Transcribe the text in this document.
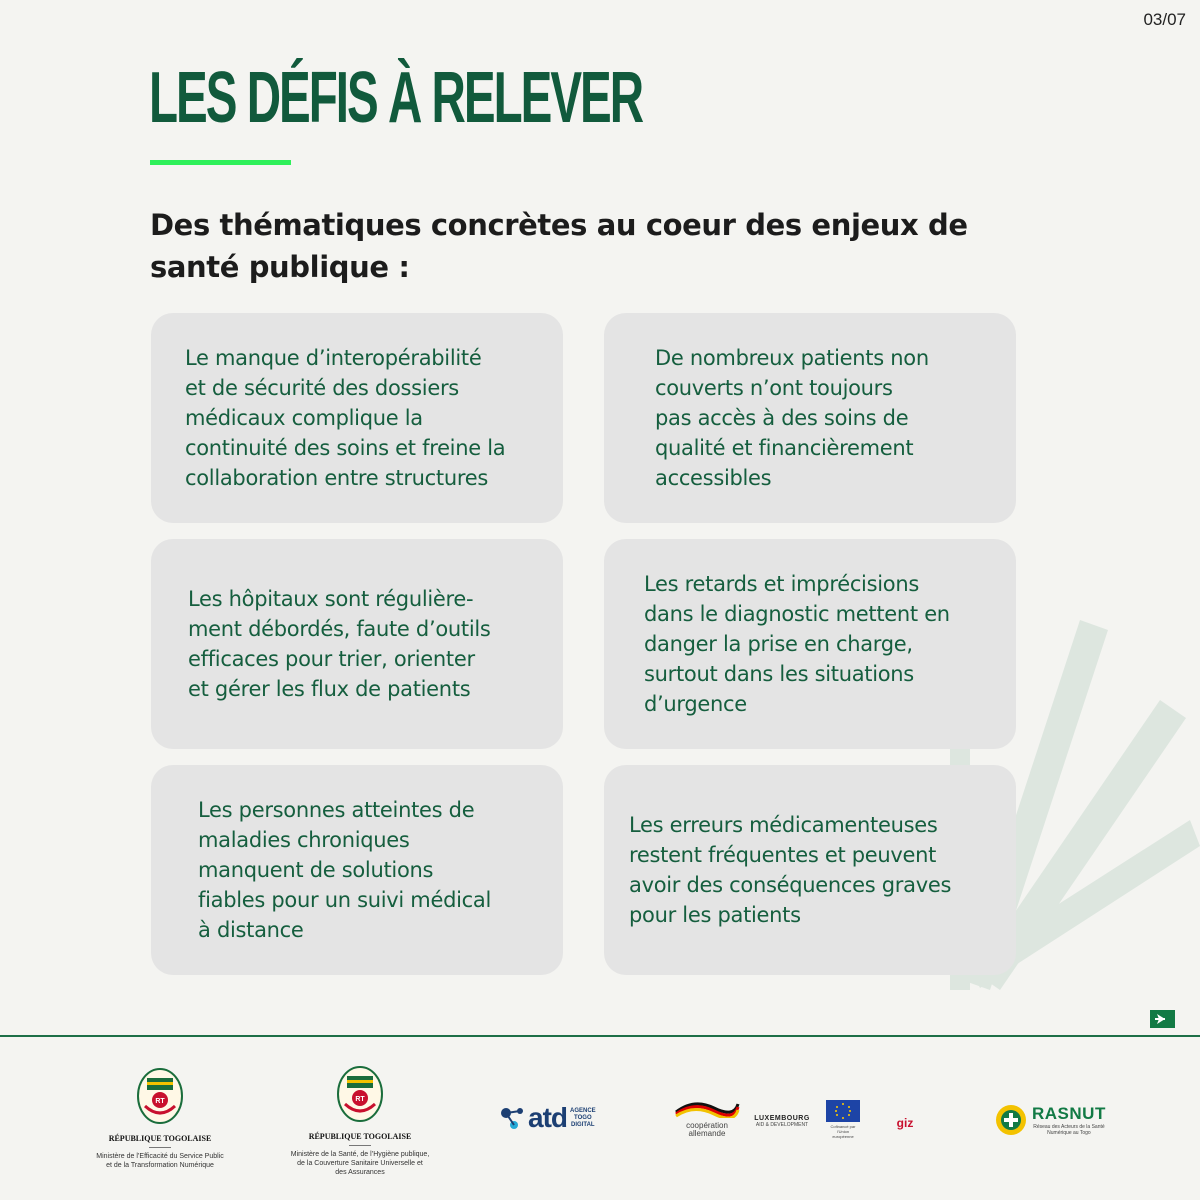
03/07
LES DÉFIS À RELEVER

Des thématiques concrètes au coeur des enjeux de santé publique :

Le manque d’interopérabilité
et de sécurité des dossiers
médicaux complique la
continuité des soins et freine la
collaboration entre structures
De nombreux patients non
couverts n’ont toujours
pas accès à des soins de
qualité et financièrement
accessibles
Les hôpitaux sont régulière-
ment débordés, faute d’outils
efficaces pour trier, orienter
et gérer les flux de patients
Les retards et imprécisions
dans le diagnostic mettent en
danger la prise en charge,
surtout dans les situations
d’urgence
Les personnes atteintes de
maladies chroniques
manquent de solutions
fiables pour un suivi médical
à distance
Les erreurs médicamenteuses
restent fréquentes et peuvent
avoir des conséquences graves
pour les patients
RT
RÉPUBLIQUE TOGOLAISE
Ministère de l’Efficacité du Service Public
et de la Transformation Numérique
RT
RÉPUBLIQUE TOGOLAISE
Ministère de la Santé, de l’Hygiène publique,
de la Couverture Sanitaire Universelle et
des Assurances
atd AGENCE
TOGO
DIGITAL	coopération
allemande
LUXEMBOURG
AID & DEVELOPMENT	Cofinancé par l’Union européenne
giz	RASNUT
Réseau des Acteurs de la Santé
Numérique au Togo
